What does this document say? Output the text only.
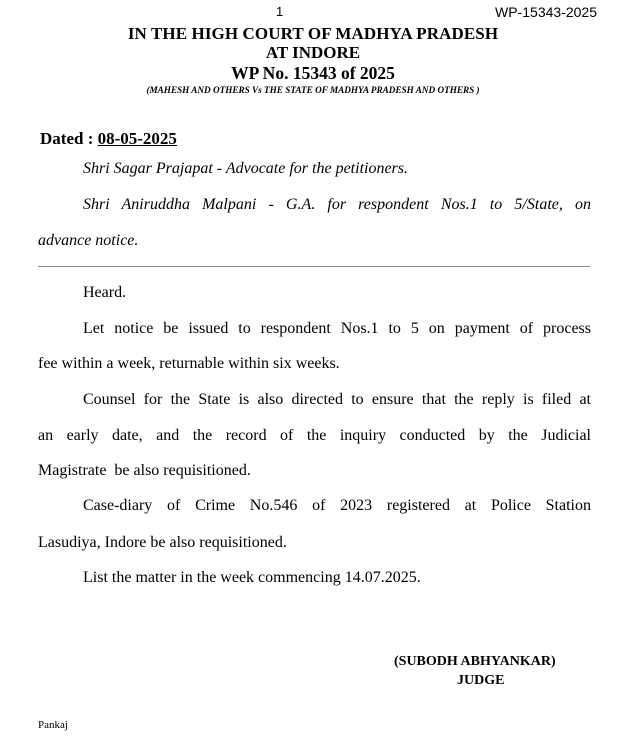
1	WP-15343-2025
IN THE HIGH COURT OF MADHYA PRADESH
AT INDORE
WP No. 15343 of 2025
(MAHESH AND OTHERS Vs THE STATE OF MADHYA PRADESH AND OTHERS )
Dated : 08-05-2025
Shri Sagar Prajapat - Advocate for the petitioners.
Shri Aniruddha Malpani - G.A. for respondent Nos.1 to 5/State, on
advance notice.
Heard.
Let notice be issued to respondent Nos.1 to 5 on payment of process
fee within a week, returnable within six weeks.
Counsel for the State is also directed to ensure that the reply is filed at
an early date, and the record of the inquiry conducted by the Judicial
Magistrate  be also requisitioned.
Case-diary of Crime No.546 of 2023 registered at Police Station
Lasudiya, Indore be also requisitioned.
List the matter in the week commencing 14.07.2025.
(SUBODH ABHYANKAR)
JUDGE
Pankaj
